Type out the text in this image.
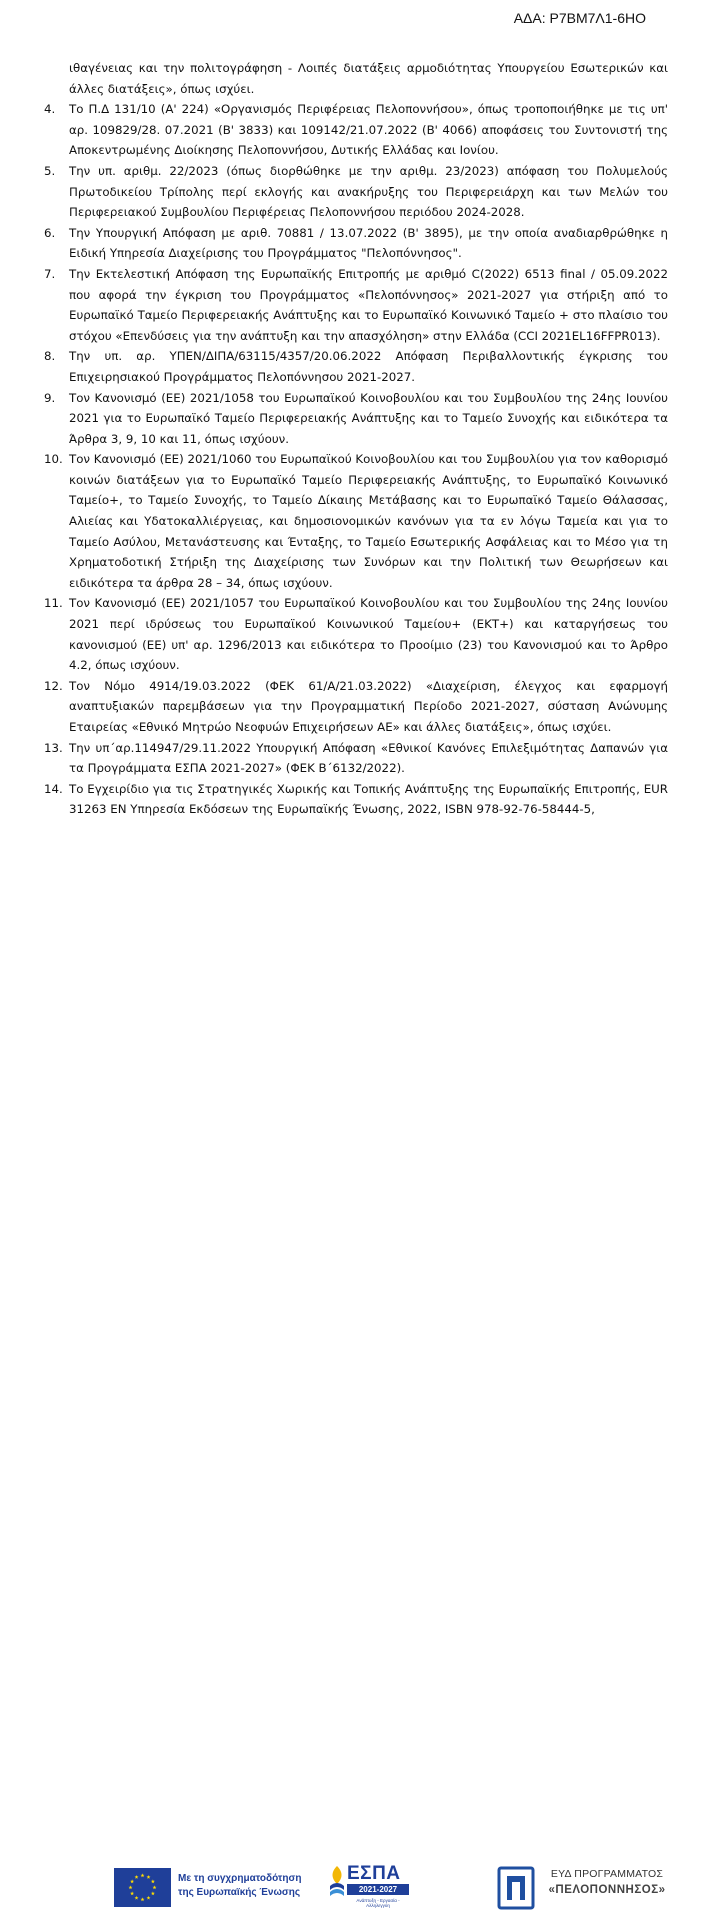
ΑΔΑ: Ρ7ΒΜ7Λ1-6ΗΟ

ιθαγένειας και την πολιτογράφηση - Λοιπές διατάξεις αρμοδιότητας Υπουργείου Εσωτερικών και άλλες διατάξεις», όπως ισχύει.

4.	Το Π.Δ 131/10 (Α' 224) «Οργανισμός Περιφέρειας Πελοποννήσου», όπως τροποποιήθηκε με τις υπ' αρ. 109829/28. 07.2021 (Β' 3833) και 109142/21.07.2022 (Β' 4066) αποφάσεις του Συντονιστή της Αποκεντρωμένης Διοίκησης Πελοποννήσου, Δυτικής Ελλάδας και Ιονίου.
5.	Την υπ. αριθμ. 22/2023 (όπως διορθώθηκε με την αριθμ. 23/2023) απόφαση του Πολυμελούς Πρωτοδικείου Τρίπολης περί εκλογής και ανακήρυξης του Περιφερειάρχη και των Μελών του Περιφερειακού Συμβουλίου Περιφέρειας Πελοποννήσου περιόδου 2024-2028.
6.	Την Υπουργική Απόφαση με αριθ. 70881 / 13.07.2022 (Β' 3895), με την οποία αναδιαρθρώθηκε η Ειδική Υπηρεσία Διαχείρισης του Προγράμματος "Πελοπόννησος".
7.	Την Εκτελεστική Απόφαση της Ευρωπαϊκής Επιτροπής με αριθμό C(2022) 6513 final / 05.09.2022 που αφορά την έγκριση του Προγράμματος «Πελοπόννησος» 2021-2027 για στήριξη από το Ευρωπαϊκό Ταμείο Περιφερειακής Ανάπτυξης και το Ευρωπαϊκό Κοινωνικό Ταμείο + στο πλαίσιο του στόχου «Επενδύσεις για την ανάπτυξη και την απασχόληση» στην Ελλάδα (CCI 2021EL16FFPR013).
8.	Την υπ. αρ. ΥΠΕΝ/ΔΙΠΑ/63115/4357/20.06.2022 Απόφαση Περιβαλλοντικής έγκρισης του Επιχειρησιακού Προγράμματος Πελοπόννησου 2021-2027.
9.	Τον Κανονισμό (ΕΕ) 2021/1058 του Ευρωπαϊκού Κοινοβουλίου και του Συμβουλίου της 24ης Ιουνίου 2021 για το Ευρωπαϊκό Ταμείο Περιφερειακής Ανάπτυξης και το Ταμείο Συνοχής και ειδικότερα τα Άρθρα 3, 9, 10 και 11, όπως ισχύουν.
10. Τον Κανονισμό (ΕΕ) 2021/1060 του Ευρωπαϊκού Κοινοβουλίου και του Συμβουλίου για τον καθορισμό κοινών διατάξεων για το Ευρωπαϊκό Ταμείο Περιφερειακής Ανάπτυξης, το Ευρωπαϊκό Κοινωνικό Ταμείο+, το Ταμείο Συνοχής, το Ταμείο Δίκαιης Μετάβασης και το Ευρωπαϊκό Ταμείο Θάλασσας, Αλιείας και Υδατοκαλλιέργειας, και δημοσιονομικών κανόνων για τα εν λόγω Ταμεία και για το Ταμείο Ασύλου, Μετανάστευσης και Ένταξης, το Ταμείο Εσωτερικής Ασφάλειας και το Μέσο για τη Χρηματοδοτική Στήριξη της Διαχείρισης των Συνόρων και την Πολιτική των Θεωρήσεων και ειδικότερα τα άρθρα 28 – 34, όπως ισχύουν.
11. Τον Κανονισμό (ΕΕ) 2021/1057 του Ευρωπαϊκού Κοινοβουλίου και του Συμβουλίου της 24ης Ιουνίου 2021 περί ιδρύσεως του Ευρωπαϊκού Κοινωνικού Ταμείου+ (ΕΚΤ+) και καταργήσεως του κανονισμού (ΕΕ) υπ' αρ. 1296/2013 και ειδικότερα το Προοίμιο (23) του Κανονισμού και το Άρθρο 4.2, όπως ισχύουν.
12. Τον Νόμο 4914/19.03.2022 (ΦΕΚ 61/Α/21.03.2022) «Διαχείριση, έλεγχος και εφαρμογή αναπτυξιακών παρεμβάσεων για την Προγραμματική Περίοδο 2021-2027, σύσταση Ανώνυμης Εταιρείας «Εθνικό Μητρώο Νεοφυών Επιχειρήσεων ΑΕ» και άλλες διατάξεις», όπως ισχύει.
13. Την υπ΄αρ.114947/29.11.2022 Υπουργική Απόφαση «Εθνικοί Κανόνες Επιλεξιμότητας Δαπανών για τα Προγράμματα ΕΣΠΑ 2021-2027» (ΦΕΚ Β΄6132/2022).
14. Το Εγχειρίδιο για τις Στρατηγικές Χωρικής και Τοπικής Ανάπτυξης της Ευρωπαϊκής Επιτροπής, EUR 31263 EN Υπηρεσία Εκδόσεων της Ευρωπαϊκής Ένωσης, 2022, ISBN 978-92-76-58444-5,
Με τη συγχρηματοδότηση
της Ευρωπαϊκής Ένωσης
ΕΣΠΑ
2021-2027
Ανάπτυξη - Εργασία - Αλληλεγγύη
ΕΥΔ ΠΡΟΓΡΑΜΜΑΤΟΣ
«ΠΕΛΟΠΟΝΝΗΣΟΣ»
